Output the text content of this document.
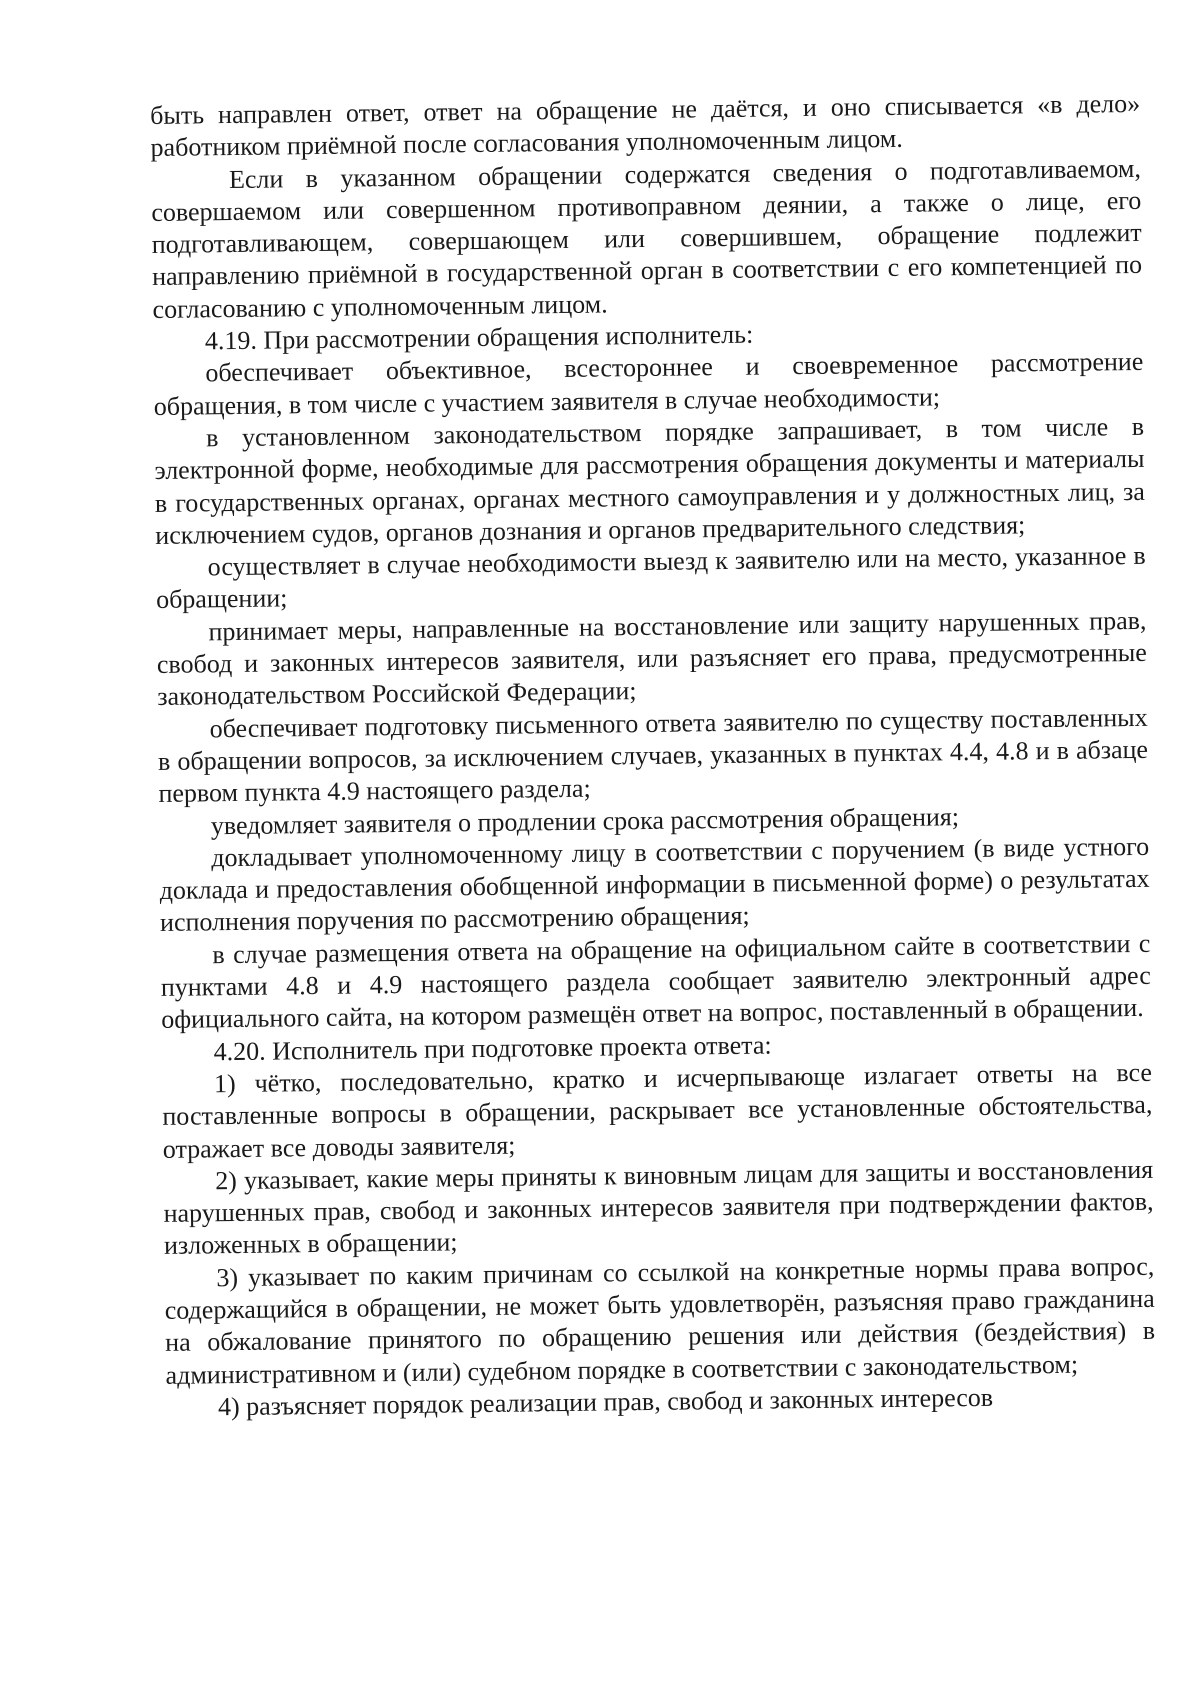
быть направлен ответ, ответ на обращение не даётся, и оно списывается «в дело» работником приёмной после согласования уполномоченным лицом.

Если в указанном обращении содержатся сведения о подготавливаемом, совершаемом или совершенном противоправном деянии, а также о лице, его подготавливающем, совершающем или совершившем, обращение подлежит направлению приёмной в государственной орган в соответствии с его компетенцией по согласованию с уполномоченным лицом.

4.19. При рассмотрении обращения исполнитель:

обеспечивает объективное, всестороннее и своевременное рассмотрение обращения, в том числе с участием заявителя в случае необходимости;

в установленном законодательством порядке запрашивает, в том числе в электронной форме, необходимые для рассмотрения обращения документы и материалы в государственных органах, органах местного самоуправления и у должностных лиц, за исключением судов, органов дознания и органов предварительного следствия;

осуществляет в случае необходимости выезд к заявителю или на место, указанное в обращении;

принимает меры, направленные на восстановление или защиту нарушенных прав, свобод и законных интересов заявителя, или разъясняет его права, предусмотренные законодательством Российской Федерации;

обеспечивает подготовку письменного ответа заявителю по существу поставленных в обращении вопросов, за исключением случаев, указанных в пунктах 4.4, 4.8 и в абзаце первом пункта 4.9 настоящего раздела;

уведомляет заявителя о продлении срока рассмотрения обращения;

докладывает уполномоченному лицу в соответствии с поручением (в виде устного доклада и предоставления обобщенной информации в письменной форме) о результатах исполнения поручения по рассмотрению обращения;

в случае размещения ответа на обращение на официальном сайте в соответствии с пунктами 4.8 и 4.9 настоящего раздела сообщает заявителю электронный адрес официального сайта, на котором размещён ответ на вопрос, поставленный в обращении.

4.20. Исполнитель при подготовке проекта ответа:

1) чётко, последовательно, кратко и исчерпывающе излагает ответы на все поставленные вопросы в обращении, раскрывает все установленные обстоятельства, отражает все доводы заявителя;

2) указывает, какие меры приняты к виновным лицам для защиты и восстановления нарушенных прав, свобод и законных интересов заявителя при подтверждении фактов, изложенных в обращении;

3) указывает по каким причинам со ссылкой на конкретные нормы права вопрос, содержащийся в обращении, не может быть удовлетворён, разъясняя право гражданина на обжалование принятого по обращению решения или действия (бездействия) в административном и (или) судебном порядке в соответствии с законодательством;

4) разъясняет порядок реализации прав, свобод и законных интересов
